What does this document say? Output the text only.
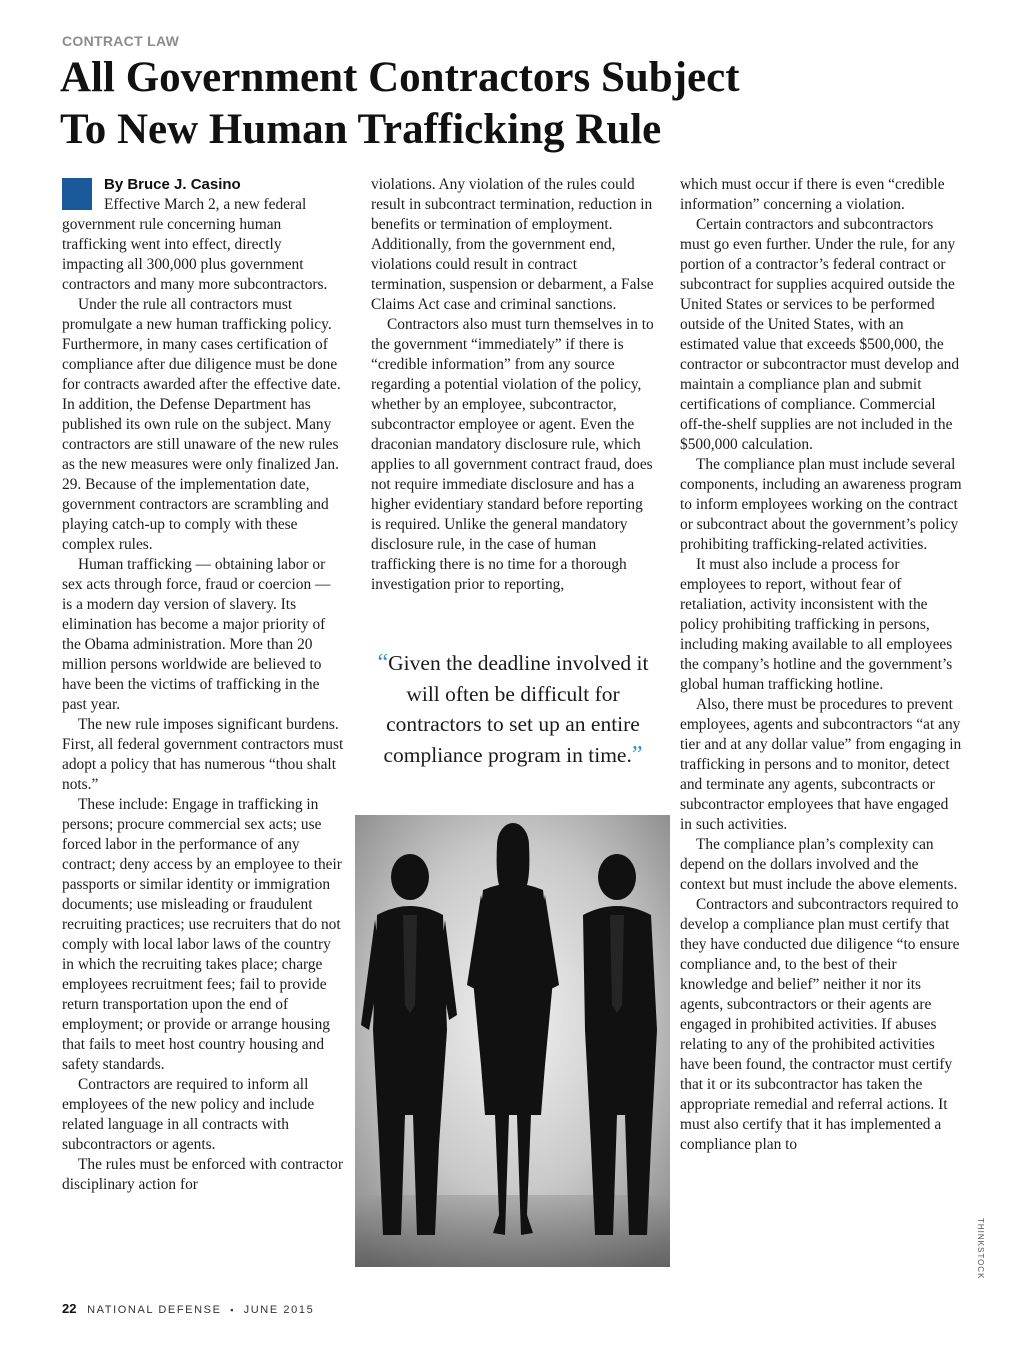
CONTRACT LAW
All Government Contractors Subject
To New Human Trafficking Rule
By Bruce J. Casino

Effective March 2, a new federal government rule concerning human trafficking went into effect, directly impacting all 300,000 plus government contractors and many more subcontractors.

Under the rule all contractors must promulgate a new human trafficking policy. Furthermore, in many cases certification of compliance after due diligence must be done for contracts awarded after the effective date. In addition, the Defense Department has published its own rule on the subject. Many contractors are still unaware of the new rules as the new measures were only finalized Jan. 29. Because of the implementation date, government contractors are scrambling and playing catch-up to comply with these complex rules.

Human trafficking — obtaining labor or sex acts through force, fraud or coercion — is a modern day version of slavery. Its elimination has become a major priority of the Obama administration. More than 20 million persons worldwide are believed to have been the victims of trafficking in the past year.

The new rule imposes significant burdens. First, all federal government contractors must adopt a policy that has numerous “thou shalt nots.”

These include: Engage in trafficking in persons; procure commercial sex acts; use forced labor in the performance of any contract; deny access by an employee to their passports or similar identity or immigration documents; use misleading or fraudulent recruiting practices; use recruiters that do not comply with local labor laws of the country in which the recruiting takes place; charge employees recruitment fees; fail to provide return transportation upon the end of employment; or provide or arrange housing that fails to meet host country housing and safety standards.

Contractors are required to inform all employees of the new policy and include related language in all contracts with subcontractors or agents.

The rules must be enforced with contractor disciplinary action for

violations. Any violation of the rules could result in subcontract termination, reduction in benefits or termination of employment. Additionally, from the government end, violations could result in contract termination, suspension or debarment, a False Claims Act case and criminal sanctions.

Contractors also must turn themselves in to the government “immediately” if there is “credible information” from any source regarding a potential violation of the policy, whether by an employee, subcontractor, subcontractor employee or agent. Even the draconian mandatory disclosure rule, which applies to all government contract fraud, does not require immediate disclosure and has a higher evidentiary standard before reporting is required. Unlike the general mandatory disclosure rule, in the case of human trafficking there is no time for a thorough investigation prior to reporting,

“Given the deadline involved it will often be difficult for contractors to set up an entire compliance program in time.”

which must occur if there is even “credible information” concerning a violation.

Certain contractors and subcontractors must go even further. Under the rule, for any portion of a contractor’s federal contract or subcontract for supplies acquired outside the United States or services to be performed outside of the United States, with an estimated value that exceeds $500,000, the contractor or subcontractor must develop and maintain a compliance plan and submit certifications of compliance. Commercial off-the-shelf supplies are not included in the $500,000 calculation.

The compliance plan must include several components, including an awareness program to inform employees working on the contract or subcontract about the government’s policy prohibiting trafficking-related activities.

It must also include a process for employees to report, without fear of retaliation, activity inconsistent with the policy prohibiting trafficking in persons, including making available to all employees the company’s hotline and the government’s global human trafficking hotline.

Also, there must be procedures to prevent employees, agents and subcontractors “at any tier and at any dollar value” from engaging in trafficking in persons and to monitor, detect and terminate any agents, subcontracts or subcontractor employees that have engaged in such activities.

The compliance plan’s complexity can depend on the dollars involved and the context but must include the above elements.

Contractors and subcontractors required to develop a compliance plan must certify that they have conducted due diligence “to ensure compliance and, to the best of their knowledge and belief” neither it nor its agents, subcontractors or their agents are engaged in prohibited activities. If abuses relating to any of the prohibited activities have been found, the contractor must certify that it or its subcontractor has taken the appropriate remedial and referral actions. It must also certify that it has implemented a compliance plan to

THINKSTOCK
22 NATIONAL DEFENSE ▪ JUNE 2015
